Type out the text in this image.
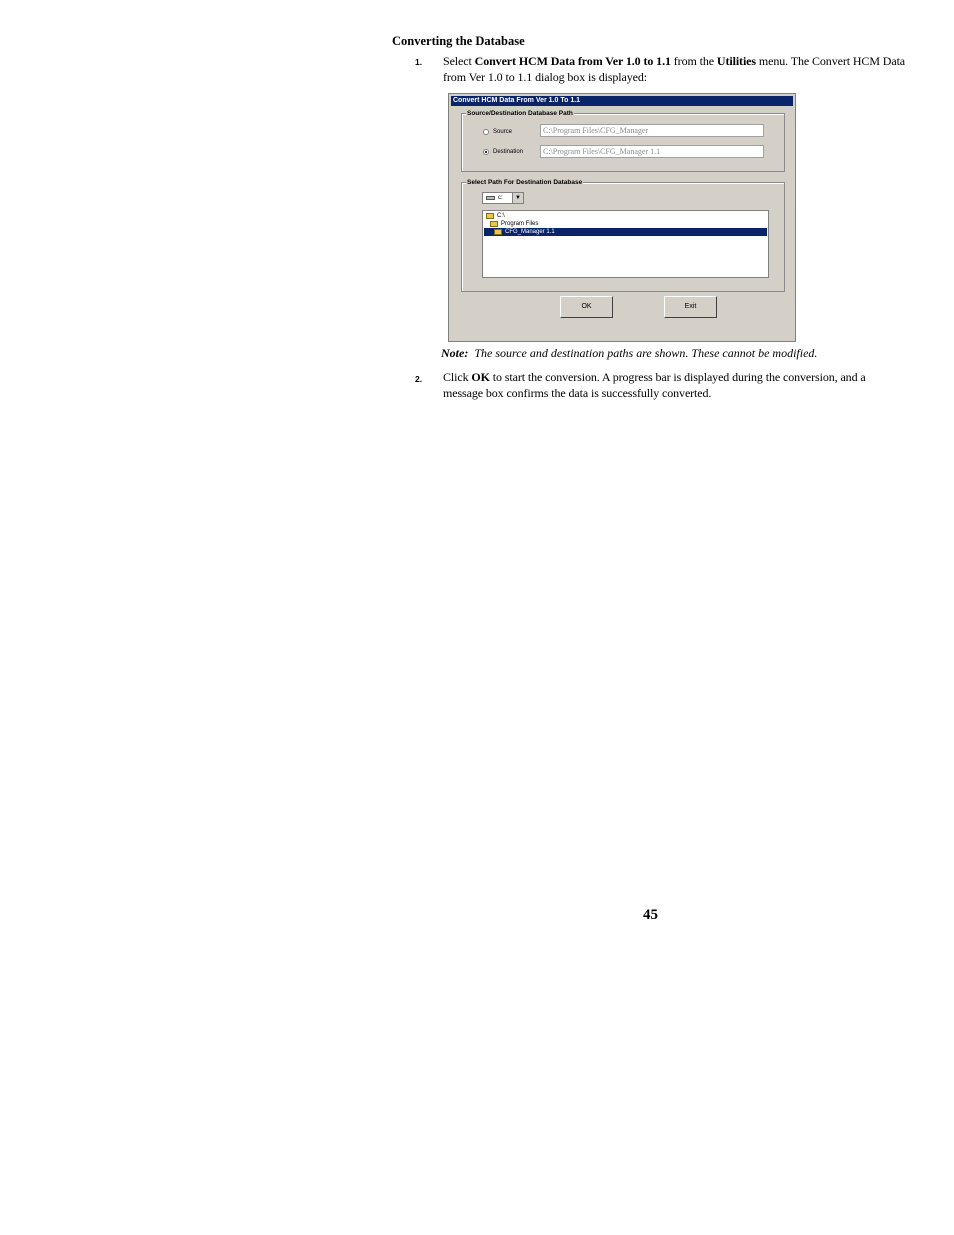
Converting the Database
1. Select Convert HCM Data from Ver 1.0 to 1.1 from the Utilities menu. The Convert HCM Data
from Ver 1.0 to 1.1 dialog box is displayed:
Convert HCM Data From Ver 1.0 To 1.1
Source/Destination Database Path
Source	C:\Program Files\CFG_Manager
Destination	C:\Program Files\CFG_Manager 1.1
Select Path For Destination Database
c:	▼
C:\
Program Files
CFG_Manager 1.1
OK	Exit
Note: The source and destination paths are shown. These cannot be modified.
2. Click OK to start the conversion. A progress bar is displayed during the conversion, and a
message box confirms the data is successfully converted.
45
